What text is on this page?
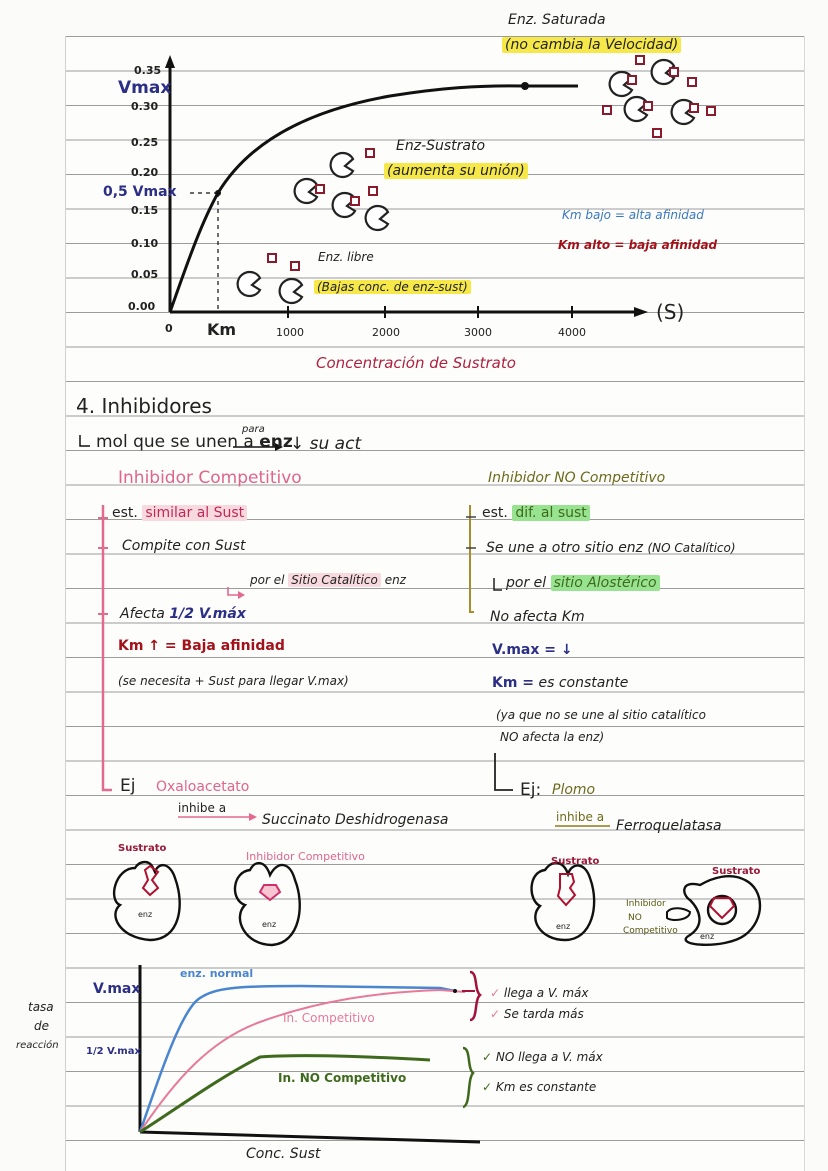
0.35
Vmax
0.30
0.25
0.20
0,5 Vmax
0.15
0.10
0.05
0.00
0 Km	1000	2000	3000	4000
(S)
Concentración de Sustrato
Enz. Saturada
(no cambia la Velocidad)
Enz-Sustrato
(aumenta su unión)
Enz. libre
(Bajas conc. de enz-sust)
Km bajo = alta afinidad
Km alto = baja afinidad
4. Inhibidores
mol que se unen a enz
para
↓ su act
Inhibidor Competitivo
est. similar al Sust
Compite con Sust
por el Sitio Catalítico enz
Afecta 1/2 V.máx
Km ↑ = Baja afinidad
(se necesita + Sust para llegar V.max)
Ej Oxaloacetato
inhibe a
Succinato Deshidrogenasa
Inhibidor NO Competitivo
est. dif. al sust
Se une a otro sitio enz (NO Catalítico)
por el sitio Alostérico
No afecta Km
V.max = ↓
Km = es constante
(ya que no se une al sitio catalítico
NO afecta la enz)
Ej: Plomo
inhibe a
Ferroquelatasa
Sustrato
enz
Inhibidor Competitivo
enz
Sustrato
enz
Sustrato
Inhibidor
NO
Competitivo
enz
tasa
de
reacción
V.max
1/2 V.max
enz. normal
In. Competitivo
In. NO Competitivo
Conc. Sust
✓ llega a V. máx
✓ Se tarda más
✓ NO llega a V. máx
✓ Km es constante
